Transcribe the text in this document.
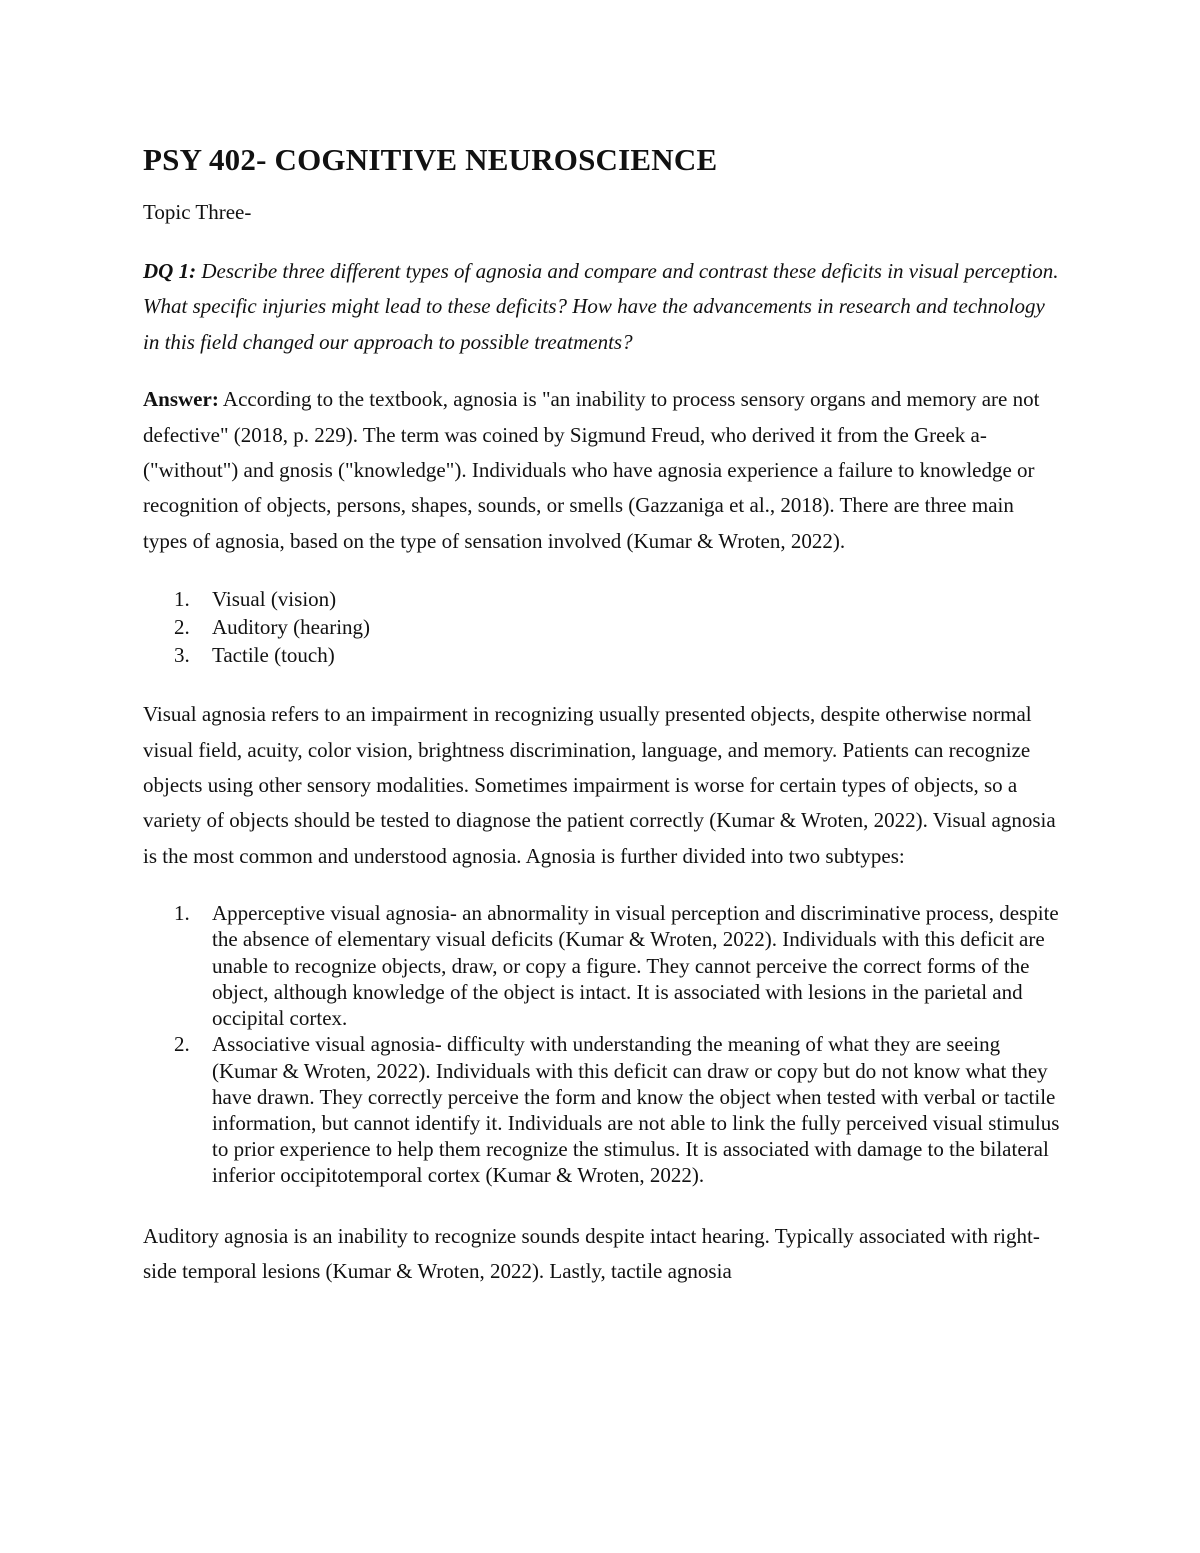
PSY 402- COGNITIVE NEUROSCIENCE

Topic Three-

DQ 1: Describe three different types of agnosia and compare and contrast these deficits in visual perception. What specific injuries might lead to these deficits? How have the advancements in research and technology in this field changed our approach to possible treatments?

Answer: According to the textbook, agnosia is "an inability to process sensory organs and memory are not defective" (2018, p. 229). The term was coined by Sigmund Freud, who derived it from the Greek a- ("without") and gnosis ("knowledge"). Individuals who have agnosia experience a failure to knowledge or recognition of objects, persons, shapes, sounds, or smells (Gazzaniga et al., 2018). There are three main types of agnosia, based on the type of sensation involved (Kumar & Wroten, 2022).

1. Visual (vision)
2. Auditory (hearing)
3. Tactile (touch)

Visual agnosia refers to an impairment in recognizing usually presented objects, despite otherwise normal visual field, acuity, color vision, brightness discrimination, language, and memory. Patients can recognize objects using other sensory modalities. Sometimes impairment is worse for certain types of objects, so a variety of objects should be tested to diagnose the patient correctly (Kumar & Wroten, 2022). Visual agnosia is the most common and understood agnosia. Agnosia is further divided into two subtypes:

1. Apperceptive visual agnosia- an abnormality in visual perception and discriminative process, despite the absence of elementary visual deficits (Kumar & Wroten, 2022). Individuals with this deficit are unable to recognize objects, draw, or copy a figure. They cannot perceive the correct forms of the object, although knowledge of the object is intact. It is associated with lesions in the parietal and occipital cortex.
2. Associative visual agnosia- difficulty with understanding the meaning of what they are seeing (Kumar & Wroten, 2022). Individuals with this deficit can draw or copy but do not know what they have drawn. They correctly perceive the form and know the object when tested with verbal or tactile information, but cannot identify it. Individuals are not able to link the fully perceived visual stimulus to prior experience to help them recognize the stimulus. It is associated with damage to the bilateral inferior occipitotemporal cortex (Kumar & Wroten, 2022).

Auditory agnosia is an inability to recognize sounds despite intact hearing. Typically associated with right-side temporal lesions (Kumar & Wroten, 2022). Lastly, tactile agnosia
